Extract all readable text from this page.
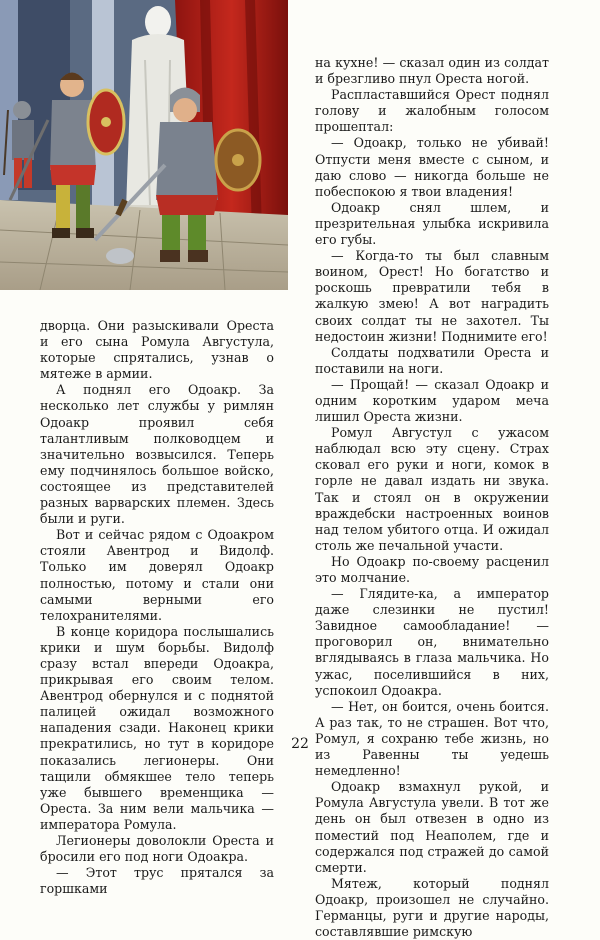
дворца. Они разыскивали Ореста и его сына Ромула Августула, которые спрятались, узнав о мятеже в армии.

А поднял его Одоакр. За несколько лет службы у римлян Одоакр проявил себя талантливым полководцем и значительно возвысился. Теперь ему подчинялось большое войско, состоящее из представителей разных варварских племен. Здесь были и руги.

Вот и сейчас рядом с Одоакром стояли Авентрод и Видолф. Только им доверял Одоакр полностью, потому и стали они самыми верными его телохранителями.

В конце коридора послышались крики и шум борьбы. Видолф сразу встал впереди Одоакра, прикрывая его своим телом. Авентрод обернулся и с поднятой палицей ожидал возможного нападения сзади. Наконец крики прекратились, но тут в коридоре показались легионеры. Они тащили обмякшее тело теперь уже бывшего временщика — Ореста. За ним вели мальчика — императора Ромула.

Легионеры доволокли Ореста и бросили его под ноги Одоакра.

— Этот трус прятался за горшками

на кухне! — сказал один из солдат и брезгливо пнул Ореста ногой.

Распластавшийся Орест поднял голову и жалобным голосом прошептал:

— Одоакр, только не убивай! Отпусти меня вместе с сыном, и даю слово — никогда больше не побеспокою я твои владения!

Одоакр снял шлем, и презрительная улыбка искривила его губы.

— Когда-то ты был славным воином, Орест! Но богатство и роскошь превратили тебя в жалкую змею! А вот наградить своих солдат ты не захотел. Ты недостоин жизни! Поднимите его!

Солдаты подхватили Ореста и поставили на ноги.

— Прощай! — сказал Одоакр и одним коротким ударом меча лишил Ореста жизни.

Ромул Августул с ужасом наблюдал всю эту сцену. Страх сковал его руки и ноги, комок в горле не давал издать ни звука. Так и стоял он в окружении враждебски настроенных воинов над телом убитого отца. И ожидал столь же печальной участи.

Но Одоакр по-своему расценил это молчание.

— Глядите-ка, а император даже слезинки не пустил! Завидное самообладание! — проговорил он, внимательно вглядываясь в глаза мальчика. Но ужас, поселившийся в них, успокоил Одоакра.

— Нет, он боится, очень боится. А раз так, то не страшен. Вот что, Ромул, я сохраню тебе жизнь, но из Равенны ты уедешь немедленно!

Одоакр взмахнул рукой, и Ромула Августула увели. В тот же день он был отвезен в одно из поместий под Неаполем, где и содержался под стражей до самой смерти.

Мятеж, который поднял Одоакр, произошел не случайно. Германцы, руги и другие народы, составлявшие римскую

22
